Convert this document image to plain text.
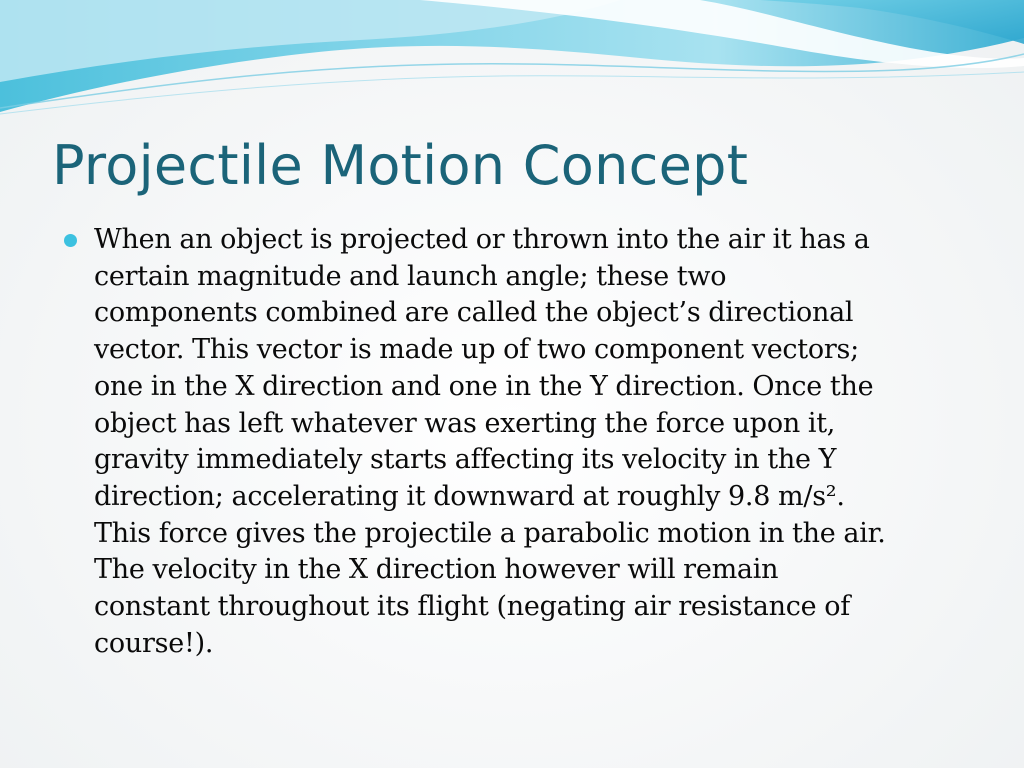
Projectile Motion Concept

When an object is projected or thrown into the air it has a
certain magnitude and launch angle; these two
components combined are called the object’s directional
vector. This vector is made up of two component vectors;
one in the X direction and one in the Y direction. Once the
object has left whatever was exerting the force upon it,
gravity immediately starts affecting its velocity in the Y
direction; accelerating it downward at roughly 9.8 m/s².
This force gives the projectile a parabolic motion in the air.
The velocity in the X direction however will remain
constant throughout its flight (negating air resistance of
course!).
